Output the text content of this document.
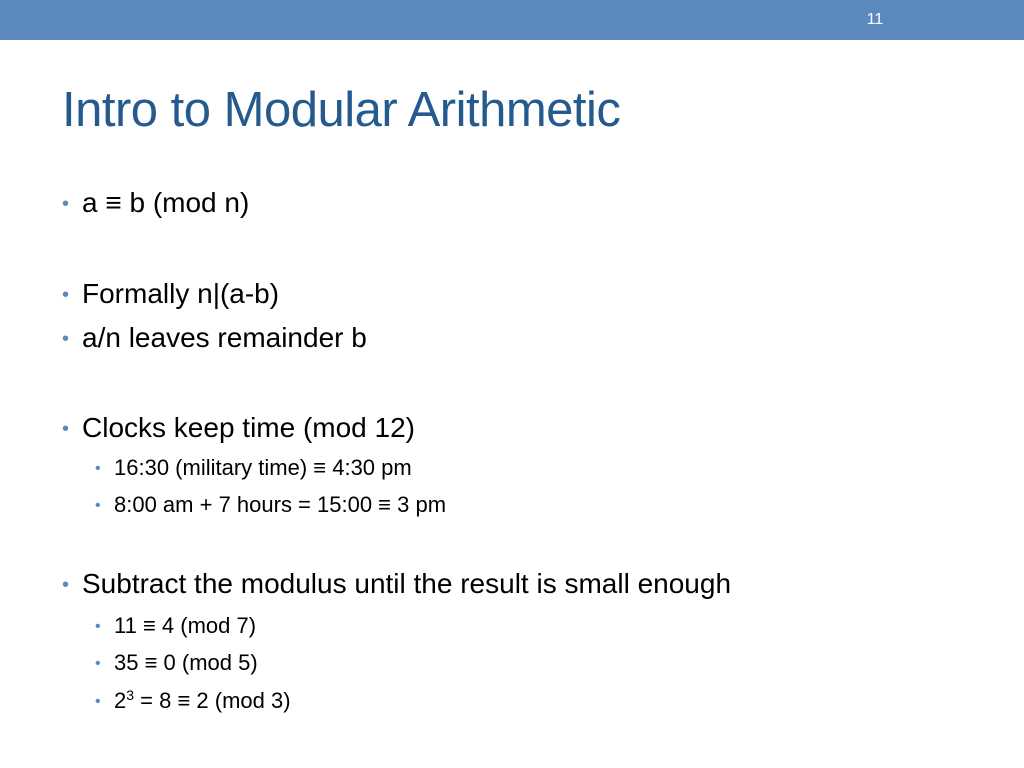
11
Intro to Modular Arithmetic
• a ≡ b (mod n)
• Formally n|(a-b)
• a/n leaves remainder b
• Clocks keep time (mod 12)
• 16:30 (military time) ≡ 4:30 pm
• 8:00 am + 7 hours = 15:00 ≡ 3 pm
• Subtract the modulus until the result is small enough
• 11 ≡ 4 (mod 7)
• 35 ≡ 0 (mod 5)
• $2^3 = 8 \equiv 2$ (mod 3)
